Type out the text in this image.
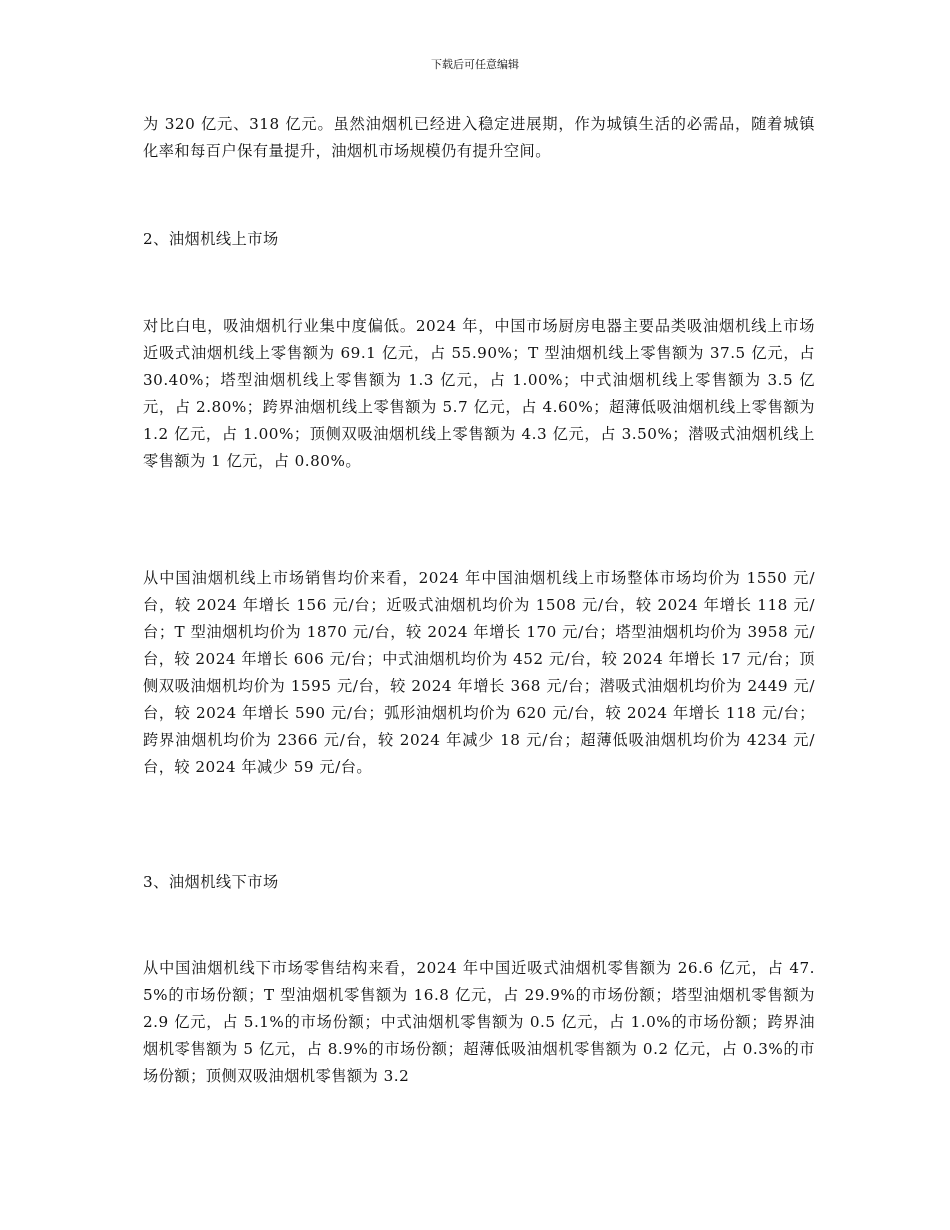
下载后可任意编辑

为 320 亿元、318 亿元。虽然油烟机已经进入稳定进展期，作为城镇生活的必需品，随着城镇化率和每百户保有量提升，油烟机市场规模仍有提升空间。

2、油烟机线上市场

对比白电，吸油烟机行业集中度偏低。2024 年，中国市场厨房电器主要品类吸油烟机线上市场近吸式油烟机线上零售额为 69.1 亿元，占 55.90%；T 型油烟机线上零售额为 37.5 亿元，占 30.40%；塔型油烟机线上零售额为 1.3 亿元，占 1.00%；中式油烟机线上零售额为 3.5 亿元，占 2.80%；跨界油烟机线上零售额为 5.7 亿元，占 4.60%；超薄低吸油烟机线上零售额为 1.2 亿元，占 1.00%；顶侧双吸油烟机线上零售额为 4.3 亿元，占 3.50%；潜吸式油烟机线上零售额为 1 亿元，占 0.80%。

从中国油烟机线上市场销售均价来看，2024 年中国油烟机线上市场整体市场均价为 1550 元/台，较 2024 年增长 156 元/台；近吸式油烟机均价为 1508 元/台，较 2024 年增长 118 元/台；T 型油烟机均价为 1870 元/台，较 2024 年增长 170 元/台；塔型油烟机均价为 3958 元/台，较 2024 年增长 606 元/台；中式油烟机均价为 452 元/台，较 2024 年增长 17 元/台；顶侧双吸油烟机均价为 1595 元/台，较 2024 年增长 368 元/台；潜吸式油烟机均价为 2449 元/台，较 2024 年增长 590 元/台；弧形油烟机均价为 620 元/台，较 2024 年增长 118 元/台；跨界油烟机均价为 2366 元/台，较 2024 年减少 18 元/台；超薄低吸油烟机均价为 4234 元/台，较 2024 年减少 59 元/台。

3、油烟机线下市场

从中国油烟机线下市场零售结构来看，2024 年中国近吸式油烟机零售额为 26.6 亿元，占 47.5%的市场份额；T 型油烟机零售额为 16.8 亿元，占 29.9%的市场份额；塔型油烟机零售额为 2.9 亿元，占 5.1%的市场份额；中式油烟机零售额为 0.5 亿元，占 1.0%的市场份额；跨界油烟机零售额为 5 亿元，占 8.9%的市场份额；超薄低吸油烟机零售额为 0.2 亿元，占 0.3%的市场份额；顶侧双吸油烟机零售额为 3.2
